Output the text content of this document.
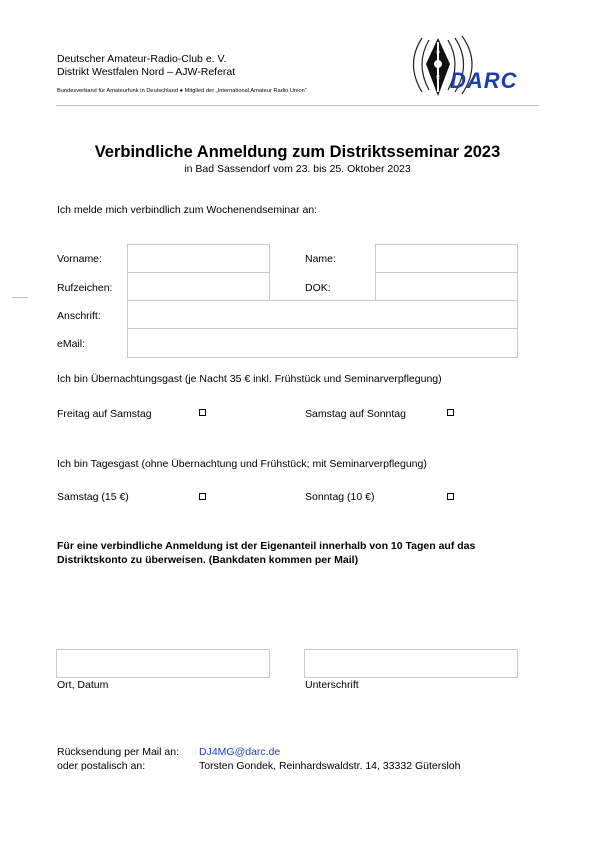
Deutscher Amateur-Radio-Club e. V.
Distrikt Westfalen Nord – AJW-Referat
Bundesverband für Amateurfunk in Deutschland ● Mitglied der „International Amateur Radio Union“
D
R DARC
Verbindliche Anmeldung zum Distriktsseminar 2023
in Bad Sassendorf vom 23. bis 25. Oktober 2023
Ich melde mich verbindlich zum Wochenendseminar an:
Vorname:	Name:
Rufzeichen:	DOK:
Anschrift:
eMail:
Ich bin Übernachtungsgast (je Nacht 35 € inkl. Frühstück und Seminarverpflegung)
Freitag auf Samstag	Samstag auf Sonntag
Ich bin Tagesgast (ohne Übernachtung und Frühstück; mit Seminarverpflegung)
Samstag (15 €)	Sonntag (10 €)
Für eine verbindliche Anmeldung ist der Eigenanteil innerhalb von 10 Tagen auf das
Distriktskonto zu überweisen. (Bankdaten kommen per Mail)
Ort, Datum	Unterschrift
Rücksendung per Mail an: DJ4MG@darc.de
oder postalisch an:	Torsten Gondek, Reinhardswaldstr. 14, 33332 Gütersloh
